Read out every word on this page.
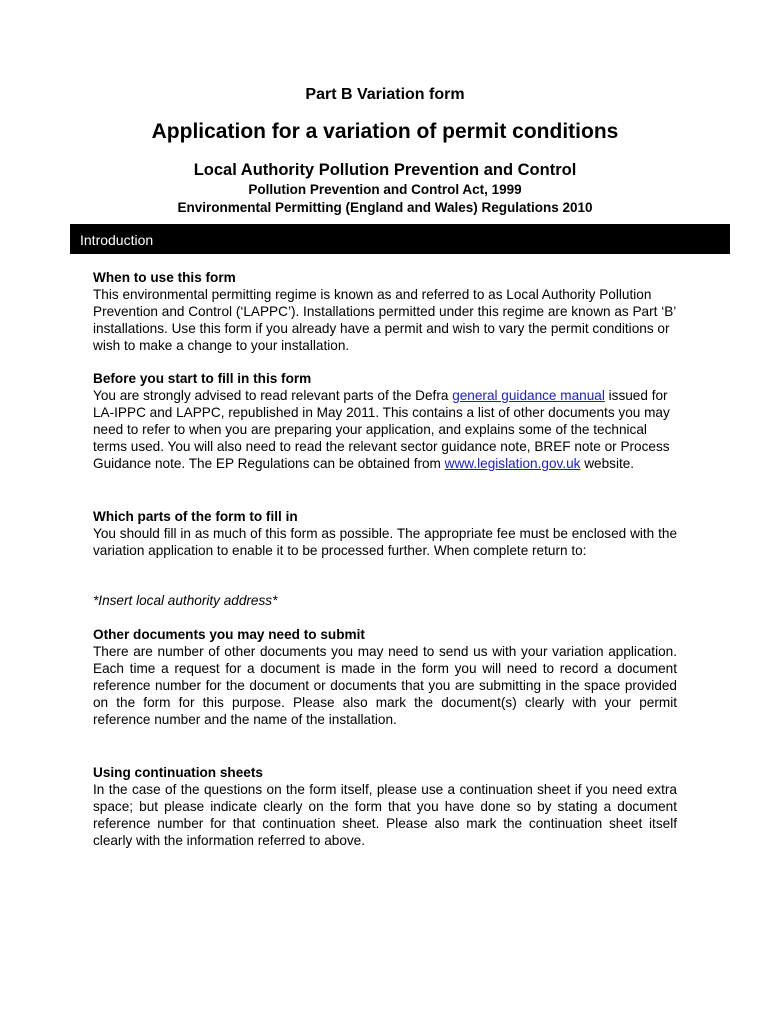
Part B Variation form
Application for a variation of permit conditions
Local Authority Pollution Prevention and Control
Pollution Prevention and Control Act, 1999
Environmental Permitting (England and Wales) Regulations 2010
Introduction
When to use this form

This environmental permitting regime is known as and referred to as Local Authority Pollution Prevention and Control (‘LAPPC’). Installations permitted under this regime are known as Part ‘B’ installations. Use this form if you already have a permit and wish to vary the permit conditions or wish to make a change to your installation.

Before you start to fill in this form

You are strongly advised to read relevant parts of the Defra general guidance manual issued for LA-IPPC and LAPPC, republished in May 2011. This contains a list of other documents you may need to refer to when you are preparing your application, and explains some of the technical terms used. You will also need to read the relevant sector guidance note, BREF note or Process Guidance note. The EP Regulations can be obtained from www.legislation.gov.uk website.

Which parts of the form to fill in

You should fill in as much of this form as possible. The appropriate fee must be enclosed with the variation application to enable it to be processed further. When complete return to:

*Insert local authority address*

Other documents you may need to submit

There are number of other documents you may need to send us with your variation application. Each time a request for a document is made in the form you will need to record a document reference number for the document or documents that you are submitting in the space provided on the form for this purpose. Please also mark the document(s) clearly with your permit reference number and the name of the installation.

Using continuation sheets

In the case of the questions on the form itself, please use a continuation sheet if you need extra space; but please indicate clearly on the form that you have done so by stating a document reference number for that continuation sheet. Please also mark the continuation sheet itself clearly with the information referred to above.
